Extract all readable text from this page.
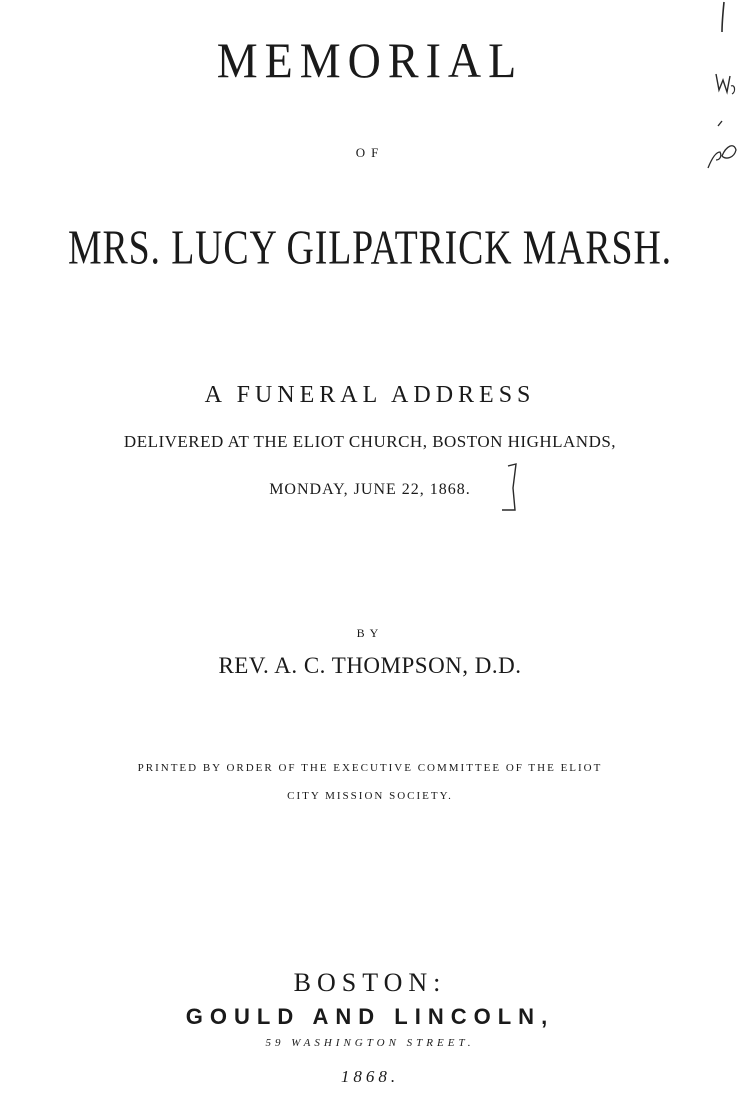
MEMORIAL
OF
MRS. LUCY GILPATRICK MARSH.
A FUNERAL ADDRESS
DELIVERED AT THE ELIOT CHURCH, BOSTON HIGHLANDS,
MONDAY, JUNE 22, 1868.
BY
REV. A. C. THOMPSON, D.D.
PRINTED BY ORDER OF THE EXECUTIVE COMMITTEE OF THE ELIOT
CITY MISSION SOCIETY.
BOSTON:
GOULD AND LINCOLN,
59 WASHINGTON STREET.
1868.
